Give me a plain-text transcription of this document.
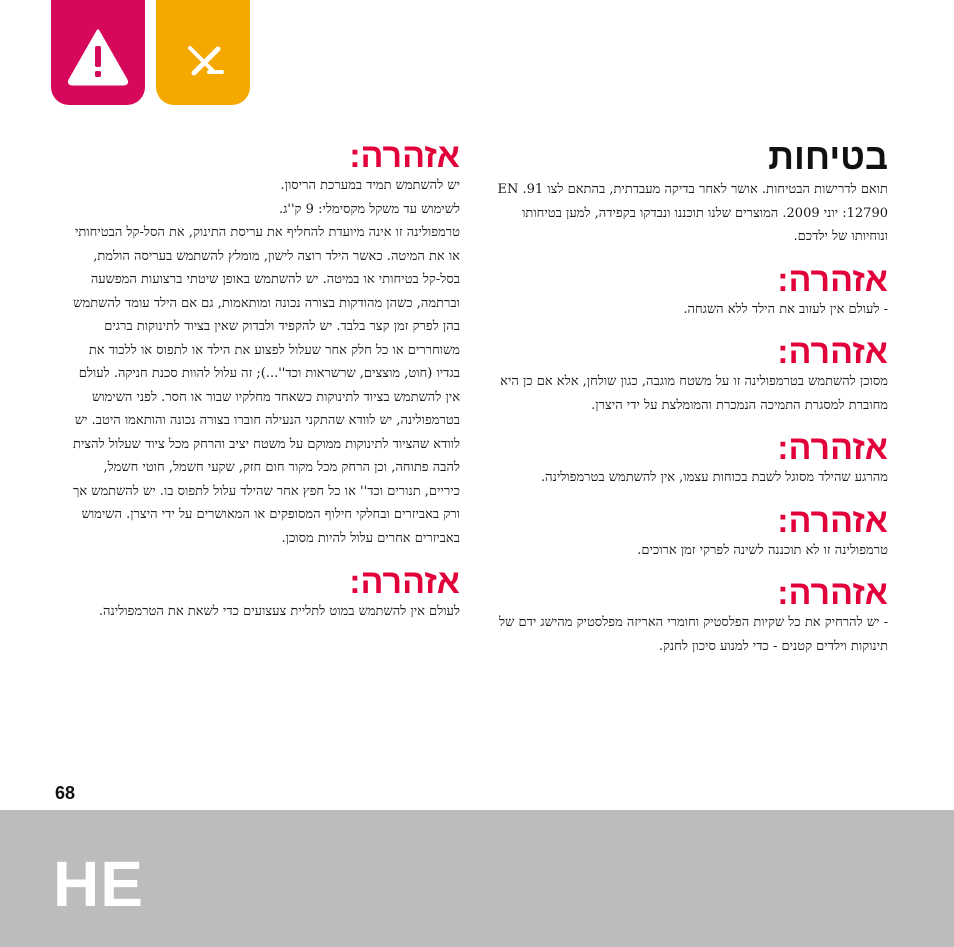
בטיחות

תואם לדרישות הבטיחות. אושר לאחר בדיקה מעבדתית, בהתאם לצו 91. EN 12790: יוני 2009. המוצרים שלנו תוכננו ונבדקו בקפידה, למען בטיחותו ונוחיותו של ילדכם.

אזהרה:

- לעולם אין לעזוב את הילד ללא השגחה.

אזהרה:

מסוכן להשתמש בטרמפולינה זו על משטח מוגבה, כגון שולחן, אלא אם כן היא מחוברת למסגרת התמיכה הנמכרת והמומלצת על ידי היצרן.

אזהרה:

מהרגע שהילד מסוגל לשבת בכוחות עצמו, אין להשתמש בטרמפולינה.

אזהרה:

טרמפולינה זו לא תוכננה לשינה לפרקי זמן ארוכים.

אזהרה:

- יש להרחיק את כל שקיות הפלסטיק וחומרי האריזה מפלסטיק מהישג ידם של תינוקות וילדים קטנים - כדי למנוע סיכון לחנק.

אזהרה:

יש להשתמש תמיד במערכת הריסון.

לשימוש עד משקל מקסימלי: 9 ק''ג.

טרמפולינה זו אינה מיועדת להחליף את עריסת התינוק, את הסל-קל הבטיחותי או את המיטה. כאשר הילד רוצה לישון, מומלץ להשתמש בעריסה הולמת, בסל-קל בטיחותי או במיטה. יש להשתמש באופן שיטתי ברצועות המפשעה וברתמה, כשהן מהודקות בצורה נכונה ומותאמות, גם אם הילד עומד להשתמש בהן לפרק זמן קצר בלבד. יש להקפיד ולבדוק שאין בציוד לתינוקות ברגים משוחררים או כל חלק אחר שעלול לפצוע את הילד או לתפוס או ללכוד את בגדיו (חוט, מוצצים, שרשראות וכד''...); זה עלול להוות סכנת חניקה. לעולם אין להשתמש בציוד לתינוקות כשאחד מחלקיו שבור או חסר. לפני השימוש בטרמפולינה, יש לוודא שהתקני הנעילה חוברו בצורה נכונה והותאמו היטב. יש לוודא שהציוד לתינוקות ממוקם על משטח יציב והרחק מכל ציוד שעלול להצית להבה פתוחה, וכן הרחק מכל מקור חום חזק, שקעי חשמל, חוטי חשמל, כיריים, תנורים וכד'' או כל חפץ אחר שהילד עלול לתפוס בו. יש להשתמש אך ורק באביזרים ובחלקי חילוף המסופקים או המאושרים על ידי היצרן. השימוש באביזרים אחרים עלול להיות מסוכן.

אזהרה:

לעולם אין להשתמש במוט לתליית צעצועים כדי לשאת את הטרמפולינה.

68
HE
